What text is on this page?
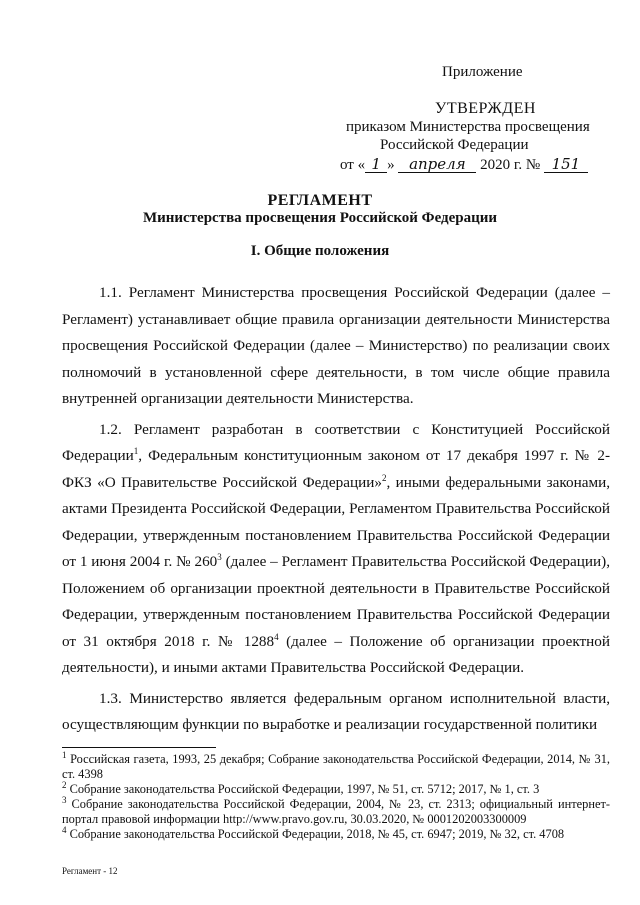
Приложение
УТВЕРЖДЕН
приказом Министерства просвещения
Российской Федерации
от « 1 » апреля 2020 г. № 151
РЕГЛАМЕНТ
Министерства просвещения Российской Федерации
I. Общие положения

1.1. Регламент Министерства просвещения Российской Федерации (далее – Регламент) устанавливает общие правила организации деятельности Министерства просвещения Российской Федерации (далее – Министерство) по реализации своих полномочий в установленной сфере деятельности, в том числе общие правила внутренней организации деятельности Министерства.

1.2. Регламент разработан в соответствии с Конституцией Российской Федерации$^1$, Федеральным конституционным законом от 17 декабря 1997 г. № 2-ФКЗ «О Правительстве Российской Федерации»$^2$, иными федеральными законами, актами Президента Российской Федерации, Регламентом Правительства Российской Федерации, утвержденным постановлением Правительства Российской Федерации от 1 июня 2004 г. № $260^3$ (далее – Регламент Правительства Российской Федерации), Положением об организации проектной деятельности в Правительстве Российской Федерации, утвержденным постановлением Правительства Российской Федерации от 31 октября 2018 г. № 1288$^4$ (далее – Положение об организации проектной деятельности), и иными актами Правительства Российской Федерации.

1.3. Министерство является федеральным органом исполнительной власти, осуществляющим функции по выработке и реализации государственной политики

$^1$ Российская газета, 1993, 25 декабря; Собрание законодательства Российской Федерации, 2014, № 31, ст. 4398
$^2$ Собрание законодательства Российской Федерации, 1997, № 51, ст. 5712; 2017, № 1, ст. 3
$^3$ Собрание законодательства Российской Федерации, 2004, № 23, ст. 2313; официальный интернет-портал правовой информации http://www.pravo.gov.ru, 30.03.2020, № 0001202003300009
$^4$ Собрание законодательства Российской Федерации, 2018, № 45, ст. 6947; 2019, № 32, ст. 4708
Регламент - 12
